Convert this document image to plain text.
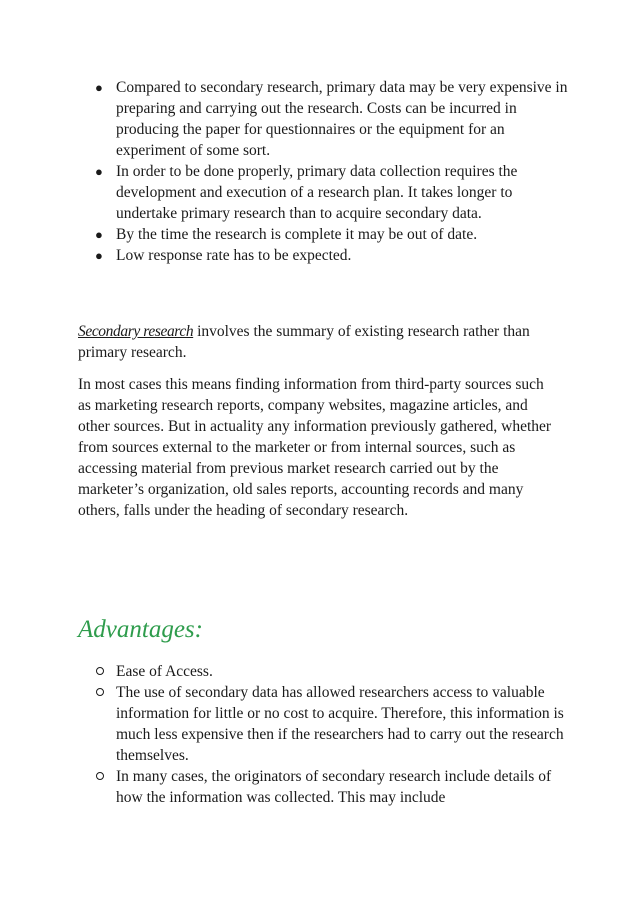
● Compared to secondary research, primary data may be very expensive in preparing and carrying out the research. Costs can be incurred in producing the paper for questionnaires or the equipment for an experiment of some sort.
● In order to be done properly, primary data collection requires the development and execution of a research plan. It takes longer to undertake primary research than to acquire secondary data.
● By the time the research is complete it may be out of date.
● Low response rate has to be expected.

Secondary research involves the summary of existing research rather than primary research.

In most cases this means finding information from third-party sources such as marketing research reports, company websites, magazine articles, and other sources. But in actuality any information previously gathered, whether from sources external to the marketer or from internal sources, such as accessing material from previous market research carried out by the marketer’s organization, old sales reports, accounting records and many others, falls under the heading of secondary research.

Advantages:
Ease of Access.
The use of secondary data has allowed researchers access to valuable information for little or no cost to acquire. Therefore, this information is much less expensive then if the researchers had to carry out the research themselves.
In many cases, the originators of secondary research include details of how the information was collected. This may include
